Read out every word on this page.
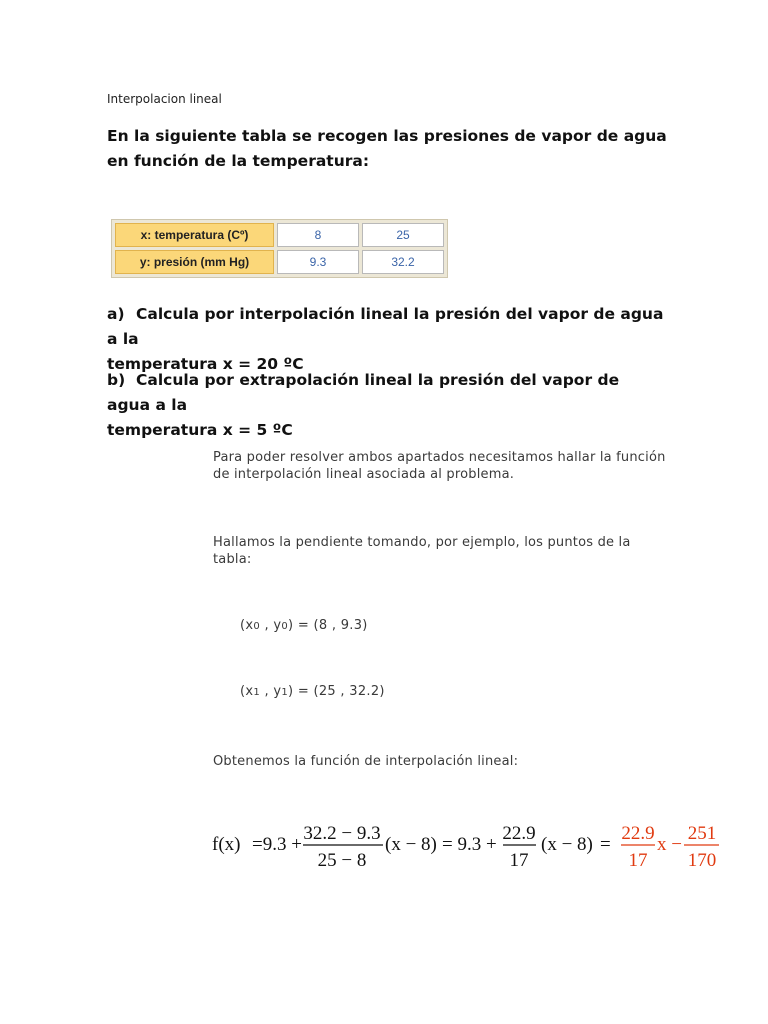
Interpolacion lineal
En la siguiente tabla se recogen las presiones de vapor de agua en función de la temperatura:
x: temperatura (Cº)	8	25
y: presión (mm Hg)	9.3	32.2
a) Calcula por interpolación lineal la presión del vapor de agua a la
temperatura x = 20 ºC
b) Calcula por extrapolación lineal la presión del vapor de agua a la
temperatura x = 5 ºC
Para poder resolver ambos apartados necesitamos hallar la función de interpolación lineal asociada al problema.
Hallamos la pendiente tomando, por ejemplo, los puntos de la tabla:
(x0 , y0) = (8 , 9.3)
(x1 , y1) = (25 , 32.2)
Obtenemos la función de interpolación lineal:
f(x) =9.3 +
32.2 − 9.3
25 − 8
(x − 8) = 9.3 +
22.9
17
(x − 8) =
22.9
17
x −
251
170
